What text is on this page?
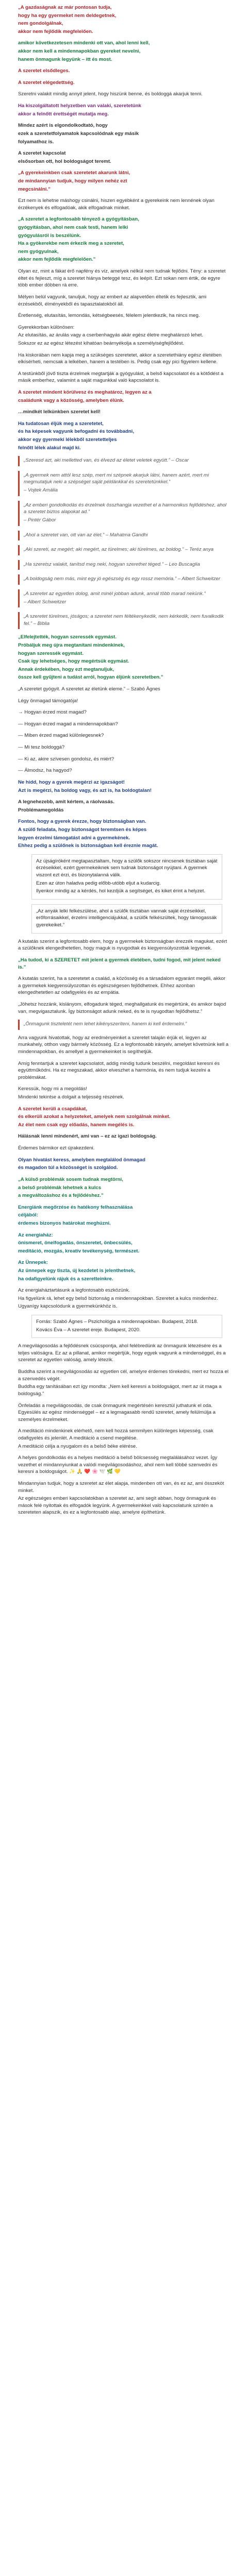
„A gazdaságnak az már pontosan tudja,

hogy ha egy gyermeket nem deldegetnek,

nem gondolgálnak,

akkor nem fejlődik megfelelően.

amikor következetesen mindenki ott van, ahol lenni kell,

akkor nem kell a mindennapokban gyereket nevelni,

hanem önmagunk legyünk – itt és most.

A szeretet elsődleges.

A szeretet elégedettség.

Szeretni valakit mindig annyit jelent, hogy hiszünk benne, és boldoggá akarjuk tenni.

Ha kiszolgáltatott helyzetben van valaki, szeretetünk

akkor a felnőtt érettségét mutatja meg.

Mindez azért is elgondolkodtató, hogy

ezek a szeretetfolyamatok kapcsolódnak egy másik

folyamathoz is.

A szeretet kapcsolat

elsősorban ott, hol boldogságot teremt.

„A gyerekeinkben csak szeretetet akarunk látni,

de mindannyian tudjuk, hogy milyen nehéz ezt

megcsinálni.”

Ezt nem is lehetne máshogy csinálni, hiszen egyébként a gyerekeink nem lennének olyan érzékenyek és elfogadóak, akik elfogadnak minket.

„A szeretet a legfontosabb tényező a gyógyításban,

gyógyításban, ahol nem csak testi, hanem lelki

gyógyulásról is beszélünk.

Ha a gyökerekbe nem érkezik meg a szeretet,

nem gyógyulnak,

akkor nem fejlődik megfelelően.”

Olyan ez, mint a fákat érő napfény és víz, amelyek nélkül nem tudnak fejlődni. Tény: a szeretet éltet és fejleszt, míg a szeretet hiánya beteggé tesz, és leépít. Ezt sokan nem értik, de egyre több ember döbben rá erre.

Mélyen belül vagyunk, tanuljuk, hogy az embert az alapvetően éltetik és fejlesztik, ami érzésekből, élményekből és tapasztalatokból áll.

Éretlenség, elutasítás, lemondás, kétségbeesés, félelem jelentkezik, ha nincs meg.

Gyerekkorban különösen:

Az elutasítás, az árulás vagy a cserbenhagyás akár egész életre meghatározó lehet.

Sokszor ez az egész létezést kihatóan beárnyékolja a személyiségfejlődést.

Ha kiskorában nem kapja meg a szükséges szeretetet, akkor a szeretethiány egész életében elkísérheti, nemcsak a lelkében, hanem a testében is. Pedig csak egy pici figyelem kellene.

A testünkből jövő tiszta érzelmek megtartják a gyógyulást, a belső kapcsolatot és a kötődést a másik emberhez, valamint a saját magunkkal való kapcsolatot is.

A szeretet mindent körülvesz és meghatároz, legyen az a

családunk vagy a közösség, amelyben élünk.

…mindkét lelkünkben szeretet kell!

Ha tudatosan éljük meg a szeretetet,

és ha képesek vagyunk befogadni és továbbadni,

akkor egy gyermeki lélekből szeretetteljes

felnőtt lélek alakul majd ki.

„Szeresd azt, aki melletted van, és élvezd az életet veletek együtt.” – Oscar

„A gyermek nem attól lesz szép, mert mi szépnek akarjuk látni, hanem azért, mert mi megmutatjuk neki a szépséget saját példánkkal és szeretetünkkel.”

– Vojtek Amália

„Az emberi gondolkodás és érzelmek összhangja vezethet el a harmonikus fejlődéshez, ahol a szeretet biztos alapokat ad.”

– Pintér Gábor

„Ahol a szeretet van, ott van az élet.” – Mahatma Gandhi

„Aki szereti, az megért; aki megért, az türelmes; aki türelmes, az boldog.” – Teréz anya

„Ha szeretsz valakit, tanítsd meg neki, hogyan szerethet téged.” – Leo Buscaglia

„A boldogság nem más, mint egy jó egészség és egy rossz memória.” – Albert Schweitzer

„A szeretet az egyetlen dolog, amit minél jobban adunk, annál több marad nekünk.”

– Albert Schweitzer

„A szeretet türelmes, jóságos; a szeretet nem féltékenykedik, nem kérkedik, nem fuvalkodik fel.” – Biblia

„Elfelejtették, hogyan szeressék egymást.

Próbáljuk meg újra megtanítani mindenkinek,

hogyan szeressék egymást.

Csak így lehetséges, hogy megértsük egymást.

Annak érdekében, hogy ezt megtanuljuk,

össze kell gyűjteni a tudást arról, hogyan éljünk szeretetben.”

„A szeretet gyógyít. A szeretet az életünk eleme.” – Szabó Ágnes

Légy önmagad támogatója!

→ Hogyan érzed most magad?

— Hogyan érzed magad a mindennapokban?

— Miben érzed magad különlegesnek?

— Mi tesz boldoggá?

— Ki az, akire szívesen gondolsz, és miért?

— Álmodsz, ha hagyod?

Ne hidd, hogy a gyerek megérzi az igazságot!

Azt is megérzi, ha boldog vagy, és azt is, ha boldogtalan!

A legnehezebb, amit kértem, a ráolvasás.

Problémamegoldás

Fontos, hogy a gyerek érezze, hogy biztonságban van.

A szülő feladata, hogy biztonságot teremtsen és képes

legyen érzelmi támogatást adni a gyermekének.

Ehhez pedig a szülőnek is biztonságban kell éreznie magát.

Az újságíróként megtapasztaltam, hogy a szülők sokszor nincsenek tisztában saját érzéseikkel, ezért gyermekeiknek sem tudnak biztonságot nyújtani. A gyermek viszont ezt érzi, és bizonytalanná válik.

Ezen az úton haladva pedig előbb-utóbb eljut a kudarcig.

Ilyenkor mindig az a kérdés, hol kezdjük a segítséget, és kiket érint a helyzet.

„Az anyák lelki felkészülése, ahol a szülők tisztában vannak saját érzéseikkel, erőforrásaikkel, érzelmi intelligenciájukkal, a szülők felkészültek, hogy támogassák gyerekeiket.”

A kutatás szerint a legfontosabb elem, hogy a gyermekek biztonságban érezzék magukat, ezért a szülőknek elengedhetetlen, hogy maguk is nyugodtak és kiegyensúlyozottak legyenek.

„Ha tudod, ki a SZERETET mit jelent a gyermek életében, tudni fogod, mit jelent neked is.”

A kutatás szerint, ha a szeretetet a család, a közösség és a társadalom egyaránt megéli, akkor a gyermekek kiegyensúlyozottan és egészségesen fejlődhetnek. Ehhez azonban elengedhetetlen az odafigyelés és az empátia.

„Jöhetsz hozzánk, kislányom, elfogadunk téged, meghallgatunk és megértünk, és amikor bajod van, megvigasztalunk. Így biztonságot adunk neked, és te is nyugodtan fejlődhetsz.”

„Önmagunk tiszteletét nem lehet kikényszeríteni, hanem ki kell érdemelni.”

Arra vagyunk hivatottak, hogy az eredményeinket a szeretet talaján érjük el, legyen az munkahely, otthon vagy bármely közösség. Ez a legfontosabb irányelv, amelyet követnünk kell a mindennapokban, és amellyel a gyermekeinket is segíthetjük.

Amíg fenntartjuk a szeretet kapcsolatot, addig mindig tudunk beszélni, megoldást keresni és együttműködni. Ha ez megszakad, akkor elveszhet a harmónia, és nem tudjuk kezelni a problémákat.

Keressük, hogy mi a megoldás!

Mindenki tekintse a dolgait a teljesség részének.

A szeretet kerüli a csapdákat,

és elkerüli azokat a helyzeteket, amelyek nem szolgálnak minket.

Az élet nem csak egy előadás, hanem megélés is.

Hálásnak lenni mindenért, ami van – ez az igazi boldogság.

Érdemes bármikor ezt újrakezdeni.

Olyan hivatást keress, amelyben megtalálod önmagad

és magadon túl a közösséget is szolgálod.

„A külső problémák sosem tudnak megtörni,

a belső problémák lehetnek a kulcs

a megváltozáshoz és a fejlődéshez.”

Energiánk megőrzése és hatékony felhasználása

céljából:

érdemes bizonyos határokat meghúzni.

Az energiaház:

önismeret, önelfogadás, önszeretet, önbecsülés,

meditáció, mozgás, kreatív tevékenység, természet.

Az Ünnepek:

Az ünnepek egy tiszta, új kezdetet is jelenthetnek,

ha odafigyelünk rájuk és a szeretteinkre.

Az energiaháztartásunk a legfontosabb eszközünk.

Ha figyelünk rá, lehet egy belső biztonság a mindennapokban. Szeretet a kulcs mindenhez.

Ugyanígy kapcsolódunk a gyermekünkhöz is.

Forrás: Szabó Ágnes – Pszichológia a mindennapokban. Budapest, 2018.

Kovács Éva – A szeretet ereje. Budapest, 2020.

A megvilágosodás a fejlődésnek csúcspontja, ahol felébredünk az önmagunk létezésére és a teljes valóságra. Ez az a pillanat, amikor megértjük, hogy egyek vagyunk a mindenséggel, és a szeretet az egyetlen valóság, amely létezik.

Buddha szerint a megvilágosodás az egyetlen cél, amelyre érdemes törekedni, mert ez hozza el a szenvedés végét.

Buddha egy tanításában ezt így mondta: „Nem kell keresni a boldogságot, mert az út maga a boldogság.”

Önfeladás a megvilágosodás, de csak önmagunk megértésén keresztül juthatunk el oda. Egyesülés az egész mindenséggel – ez a legmagasabb rendű szeretet, amely felülmúlja a személyes érzelmeket.

A meditáció mindenkinek elérhető, nem kell hozzá semmilyen különleges képesség, csak odafigyelés és jelenlét. A meditáció a csend megélése.

A meditáció célja a nyugalom és a belső béke elérése.

A helyes gondolkodás és a helyes meditáció a belső bölcsesség megtalálásához vezet. Így vezethet el mindannyiunkat a valódi megvilágosodáshoz, ahol nem kell többé szenvedni és keresni a boldogságot. ✨ 🙏 ❤️ 🌸 🕊️ 🌿 💛

Mindannyian tudjuk, hogy a szeretet az élet alapja, mindenben ott van, és ez az, ami összeköt minket.

Az egészséges emberi kapcsolatokban a szeretet az, ami segít abban, hogy önmagunk és mások felé nyitottak és elfogadók legyünk. A gyermekeinkkel való kapcsolatunk szintén a szereteten alapszik, és ez a legfontosabb alap, amelyre építhetünk.
